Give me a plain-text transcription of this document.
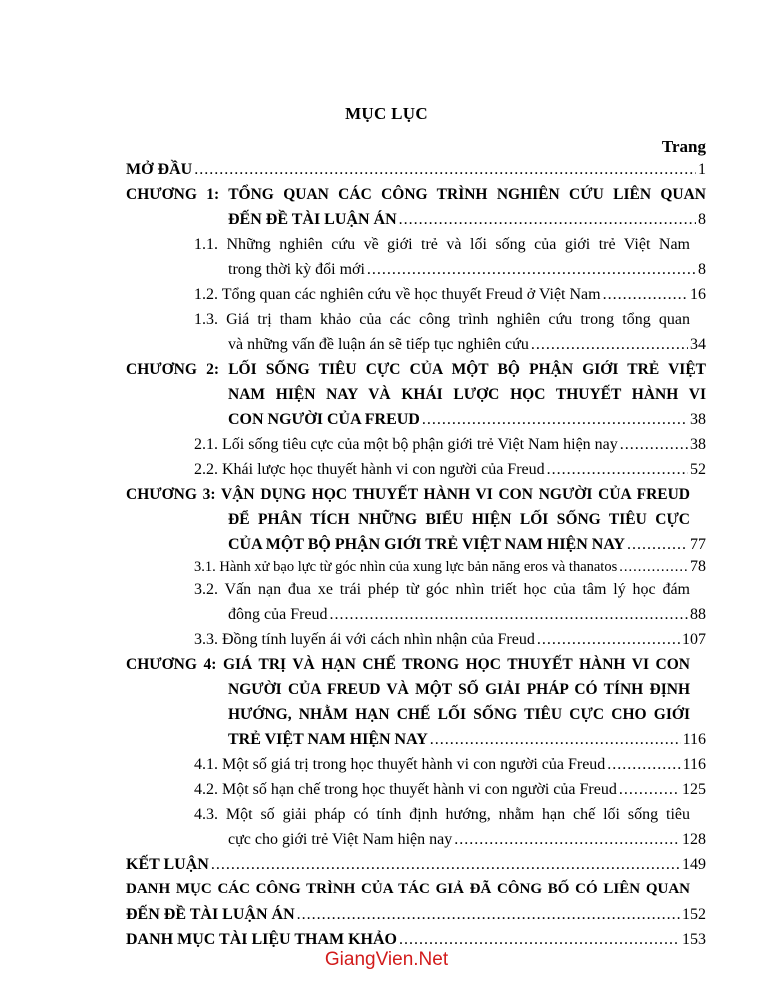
MỤC LỤC
Trang
MỞ ĐẦU .....	1
CHƯƠNG 1: TỔNG QUAN CÁC CÔNG TRÌNH NGHIÊN CỨU LIÊN QUAN
ĐẾN ĐỀ TÀI LUẬN ÁN .....	8
1.1. Những nghiên cứu về giới trẻ và lối sống của giới trẻ Việt Nam
trong thời kỳ đổi mới .....	8
1.2. Tổng quan các nghiên cứu về học thuyết Freud ở Việt Nam .....	16
1.3. Giá trị tham khảo của các công trình nghiên cứu trong tổng quan
và những vấn đề luận án sẽ tiếp tục nghiên cứu .....	34
CHƯƠNG 2: LỐI SỐNG TIÊU CỰC CỦA MỘT BỘ PHẬN GIỚI TRẺ VIỆT
NAM HIỆN NAY VÀ KHÁI LƯỢC HỌC THUYẾT HÀNH VI
CON NGƯỜI CỦA FREUD .....	38
2.1. Lối sống tiêu cực của một bộ phận giới trẻ Việt Nam hiện nay .....	38
2.2. Khái lược học thuyết hành vi con người của Freud .....	52
CHƯƠNG 3: VẬN DỤNG HỌC THUYẾT HÀNH VI CON NGƯỜI CỦA FREUD
ĐỂ PHÂN TÍCH NHỮNG BIỂU HIỆN LỐI SỐNG TIÊU CỰC
CỦA MỘT BỘ PHẬN GIỚI TRẺ VIỆT NAM HIỆN NAY .....	77
3.1. Hành xử bạo lực từ góc nhìn của xung lực bản năng eros và thanatos .....	78
3.2. Vấn nạn đua xe trái phép từ góc nhìn triết học của tâm lý học đám
đông của Freud .....	88
3.3. Đồng tính luyến ái với cách nhìn nhận của Freud .....	107
CHƯƠNG 4: GIÁ TRỊ VÀ HẠN CHẾ TRONG HỌC THUYẾT HÀNH VI CON
NGƯỜI CỦA FREUD VÀ MỘT SỐ GIẢI PHÁP CÓ TÍNH ĐỊNH
HƯỚNG, NHẰM HẠN CHẾ LỐI SỐNG TIÊU CỰC CHO GIỚI
TRẺ VIỆT NAM HIỆN NAY .....	116
4.1. Một số giá trị trong học thuyết hành vi con người của Freud .....	116
4.2. Một số hạn chế trong học thuyết hành vi con người của Freud .....	125
4.3. Một số giải pháp có tính định hướng, nhằm hạn chế lối sống tiêu
cực cho giới trẻ Việt Nam hiện nay .....	128
KẾT LUẬN .....	149
DANH MỤC CÁC CÔNG TRÌNH CỦA TÁC GIẢ ĐÃ CÔNG BỐ CÓ LIÊN QUAN
ĐẾN ĐỀ TÀI LUẬN ÁN .....	152
DANH MỤC TÀI LIỆU THAM KHẢO .....	153
GiangVien.Net
